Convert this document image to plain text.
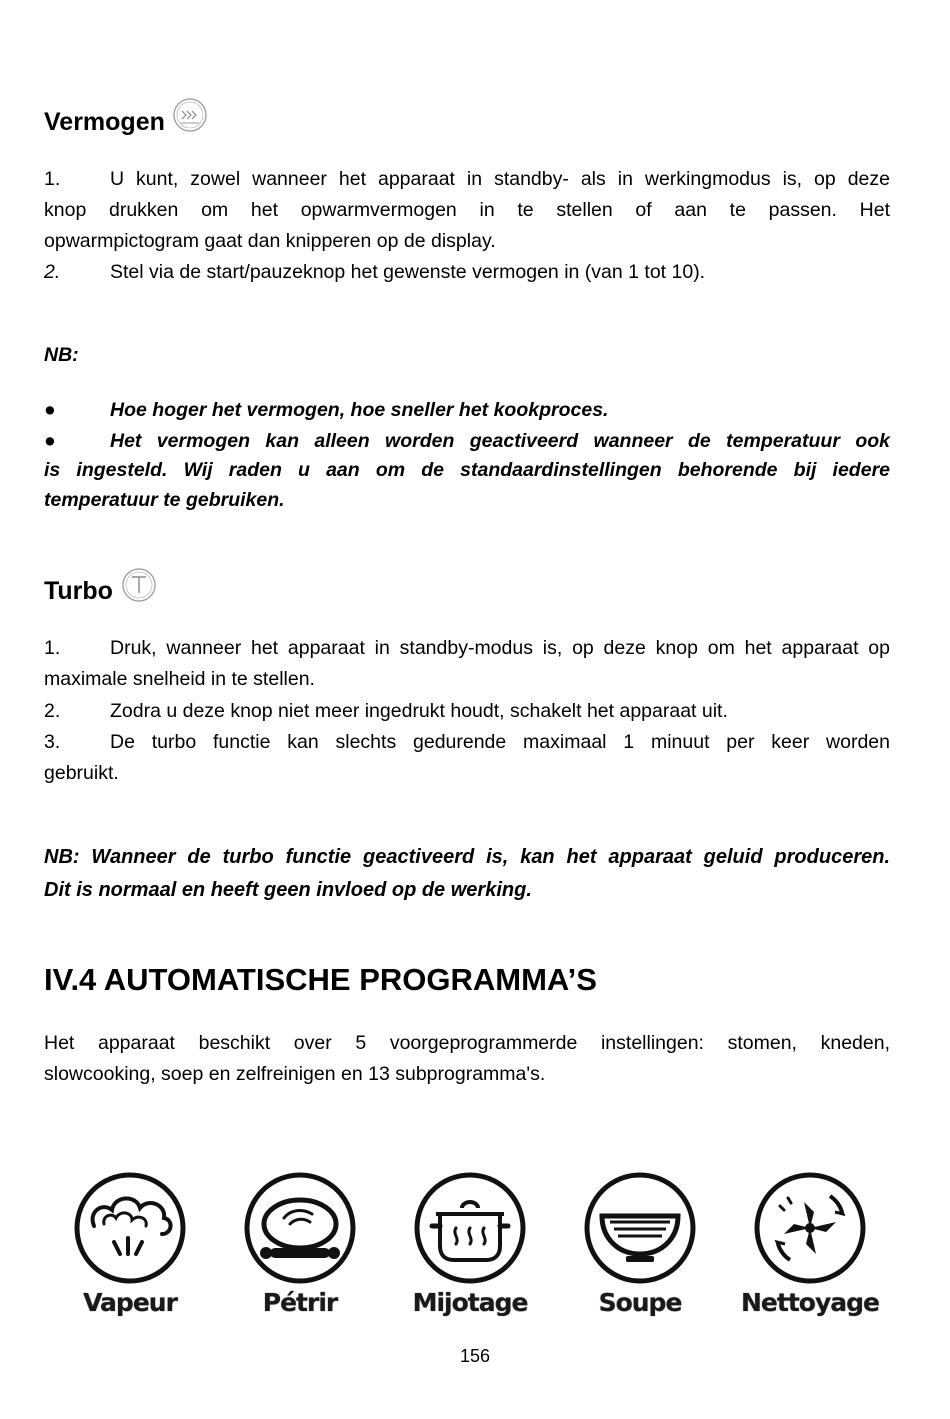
Vermogen
1.	U kunt, zowel wanneer het apparaat in standby- als in werkingmodus is, op deze
knop drukken om het opwarmvermogen in te stellen of aan te passen. Het
opwarmpictogram gaat dan knipperen op de display.
2.	Stel via de start/pauzeknop het gewenste vermogen in (van 1 tot 10).
NB:
●	Hoe hoger het vermogen, hoe sneller het kookproces.
●	Het vermogen kan alleen worden geactiveerd wanneer de temperatuur ook
is ingesteld. Wij raden u aan om de standaardinstellingen behorende bij iedere
temperatuur te gebruiken.
Turbo
1.	Druk, wanneer het apparaat in standby-modus is, op deze knop om het apparaat op
maximale snelheid in te stellen.
2.	Zodra u deze knop niet meer ingedrukt houdt, schakelt het apparaat uit.
3.	De turbo functie kan slechts gedurende maximaal 1 minuut per keer worden
gebruikt.
NB: Wanneer de turbo functie geactiveerd is, kan het apparaat geluid produceren.
Dit is normaal en heeft geen invloed op de werking.
IV.4 AUTOMATISCHE PROGRAMMA’S
Het apparaat beschikt over 5 voorgeprogrammerde instellingen: stomen, kneden,
slowcooking, soep en zelfreinigen en 13 subprogramma's.
Vapeur	Pétrir	Mijotage	Soupe	Nettoyage
156
